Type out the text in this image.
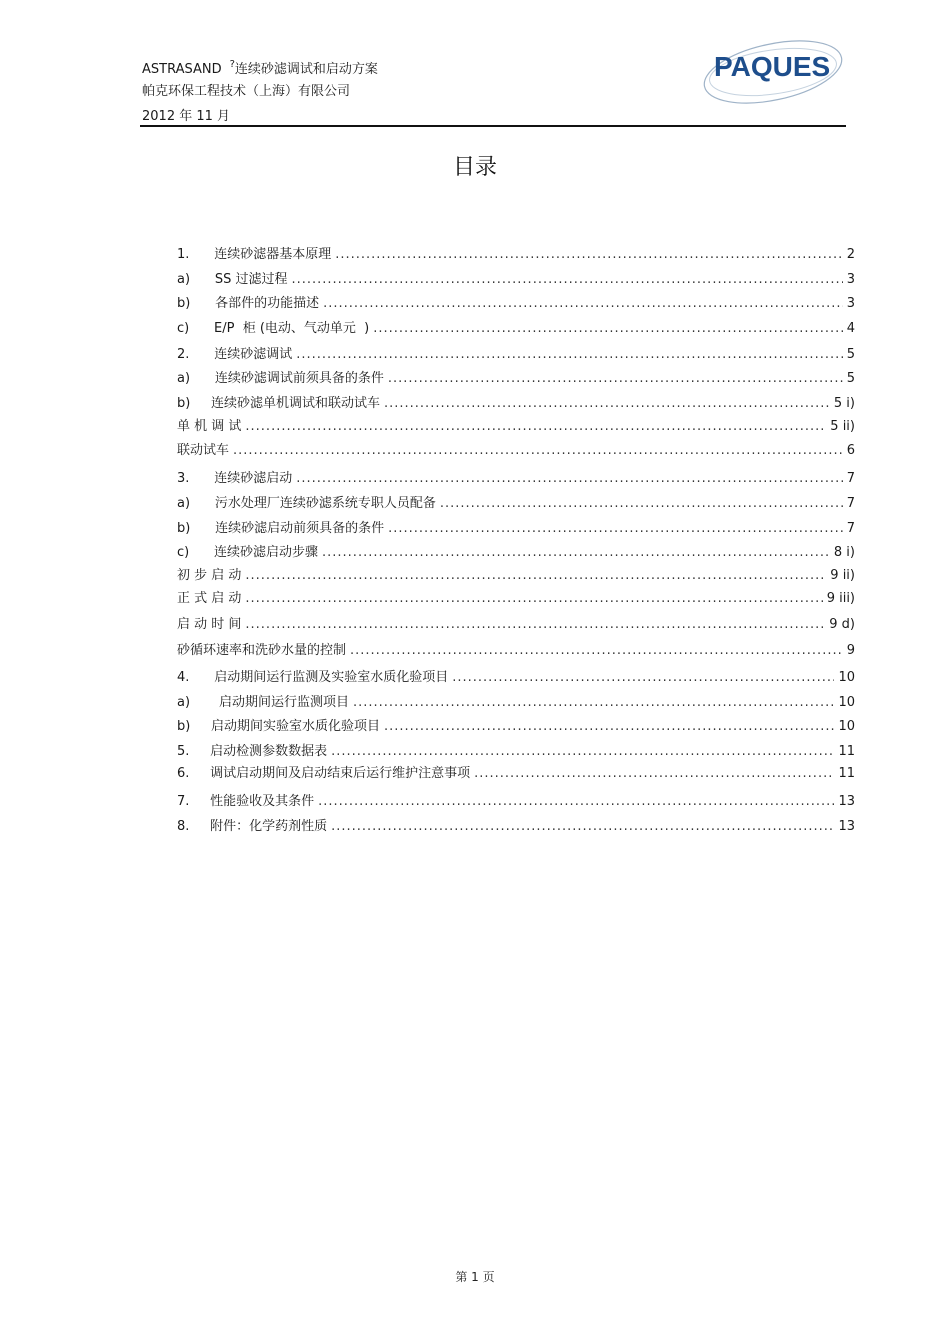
ASTRASAND ?连续砂滤调试和启动方案
帕克环保工程技术（上海）有限公司
2012 年 11 月
PAQUES
目录
1.      连续砂滤器基本原理 .....	2
a)      SS 过滤过程 .....	3
b)      各部件的功能描述 .....	3
c)      E/P  柜 (电动、气动单元  ) .....	4
2.      连续砂滤调试 .....	5
a)      连续砂滤调试前须具备的条件 .....	5
b)     连续砂滤单机调试和联动试车 .....	5 i)
单 机 调 试 .....	5 ii)
联动试车 .....	6
3.      连续砂滤启动 .....	7
a)      污水处理厂连续砂滤系统专职人员配备 .....	7
b)      连续砂滤启动前须具备的条件 .....	7
c)      连续砂滤启动步骤 .....	8 i)
初 步 启 动 .....	9 ii)
正 式 启 动 .....	9 iii)
启 动 时 间 .....	9 d)
砂循环速率和洗砂水量的控制 .....	9
4.      启动期间运行监测及实验室水质化验项目 .....	10
a)       启动期间运行监测项目 .....	10
b)     启动期间实验室水质化验项目 .....	10
5.     启动检测参数数据表 .....	11
6.     调试启动期间及启动结束后运行维护注意事项 .....	11
7.     性能验收及其条件 .....	13
8.     附件：化学药剂性质 .....	13
第 1 页
